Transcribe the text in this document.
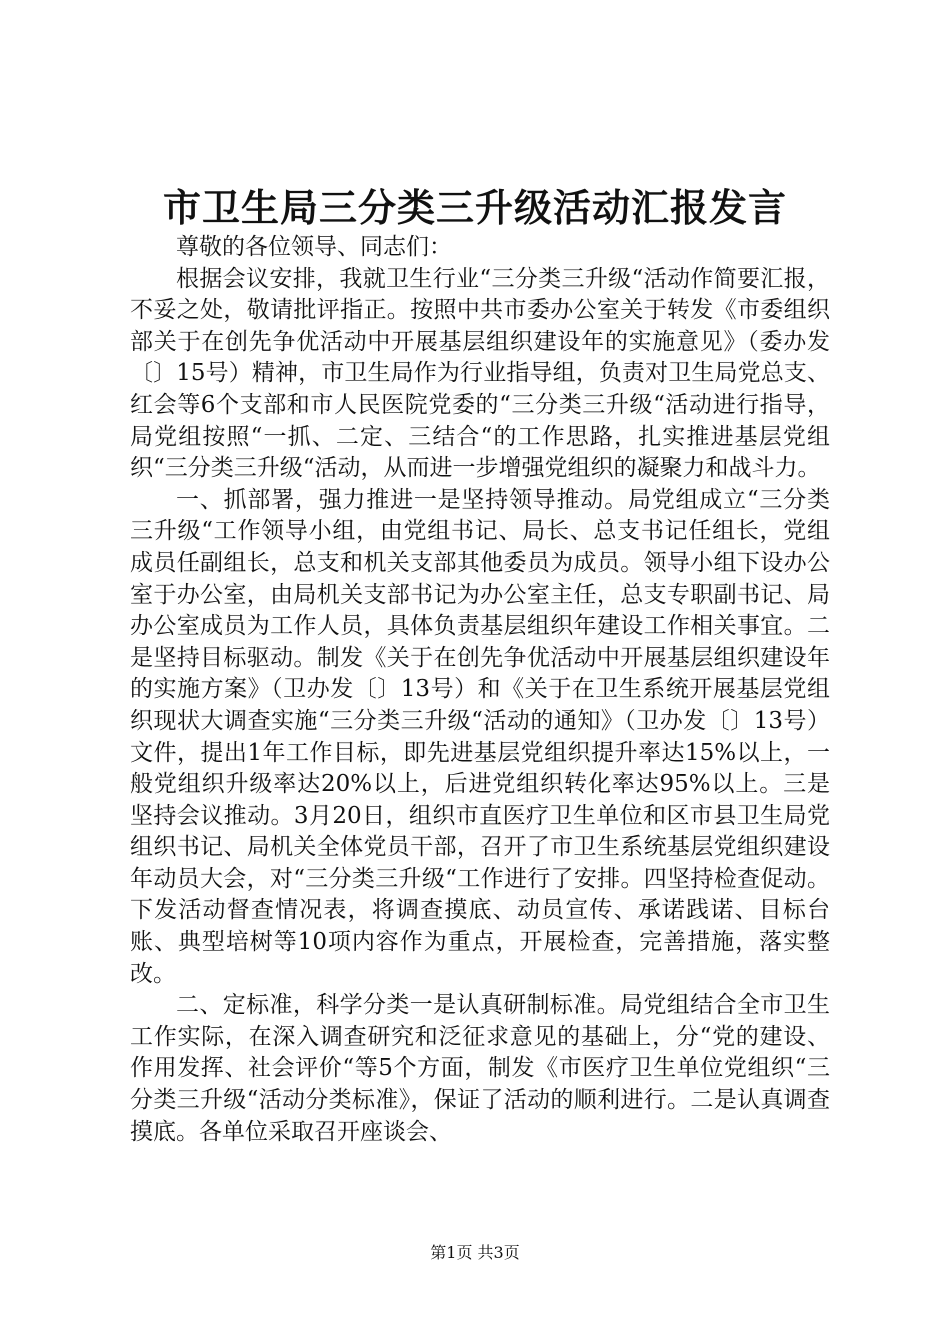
市卫生局三分类三升级活动汇报发言

尊敬的各位领导、同志们：

根据会议安排，我就卫生行业“三分类三升级“活动作简要汇报，不妥之处，敬请批评指正。按照中共市委办公室关于转发《市委组织部关于在创先争优活动中开展基层组织建设年的实施意见》（委办发〔〕15号）精神，市卫生局作为行业指导组，负责对卫生局党总支、红会等6个支部和市人民医院党委的“三分类三升级“活动进行指导，局党组按照“一抓、二定、三结合“的工作思路，扎实推进基层党组织“三分类三升级“活动，从而进一步增强党组织的凝聚力和战斗力。

一、抓部署，强力推进一是坚持领导推动。局党组成立“三分类三升级“工作领导小组，由党组书记、局长、总支书记任组长，党组成员任副组长，总支和机关支部其他委员为成员。领导小组下设办公室于办公室，由局机关支部书记为办公室主任，总支专职副书记、局办公室成员为工作人员，具体负责基层组织年建设工作相关事宜。二是坚持目标驱动。制发《关于在创先争优活动中开展基层组织建设年的实施方案》（卫办发〔〕13号）和《关于在卫生系统开展基层党组织现状大调查实施“三分类三升级“活动的通知》（卫办发〔〕13号）文件，提出1年工作目标，即先进基层党组织提升率达15%以上，一般党组织升级率达20%以上，后进党组织转化率达95%以上。三是坚持会议推动。3月20日，组织市直医疗卫生单位和区市县卫生局党组织书记、局机关全体党员干部，召开了市卫生系统基层党组织建设年动员大会，对“三分类三升级“工作进行了安排。四坚持检查促动。下发活动督查情况表，将调查摸底、动员宣传、承诺践诺、目标台账、典型培树等10项内容作为重点，开展检查，完善措施，落实整改。

二、定标准，科学分类一是认真研制标准。局党组结合全市卫生工作实际，在深入调查研究和泛征求意见的基础上，分“党的建设、作用发挥、社会评价“等5个方面，制发《市医疗卫生单位党组织“三分类三升级“活动分类标准》，保证了活动的顺利进行。二是认真调查摸底。各单位采取召开座谈会、

第1页 共3页
